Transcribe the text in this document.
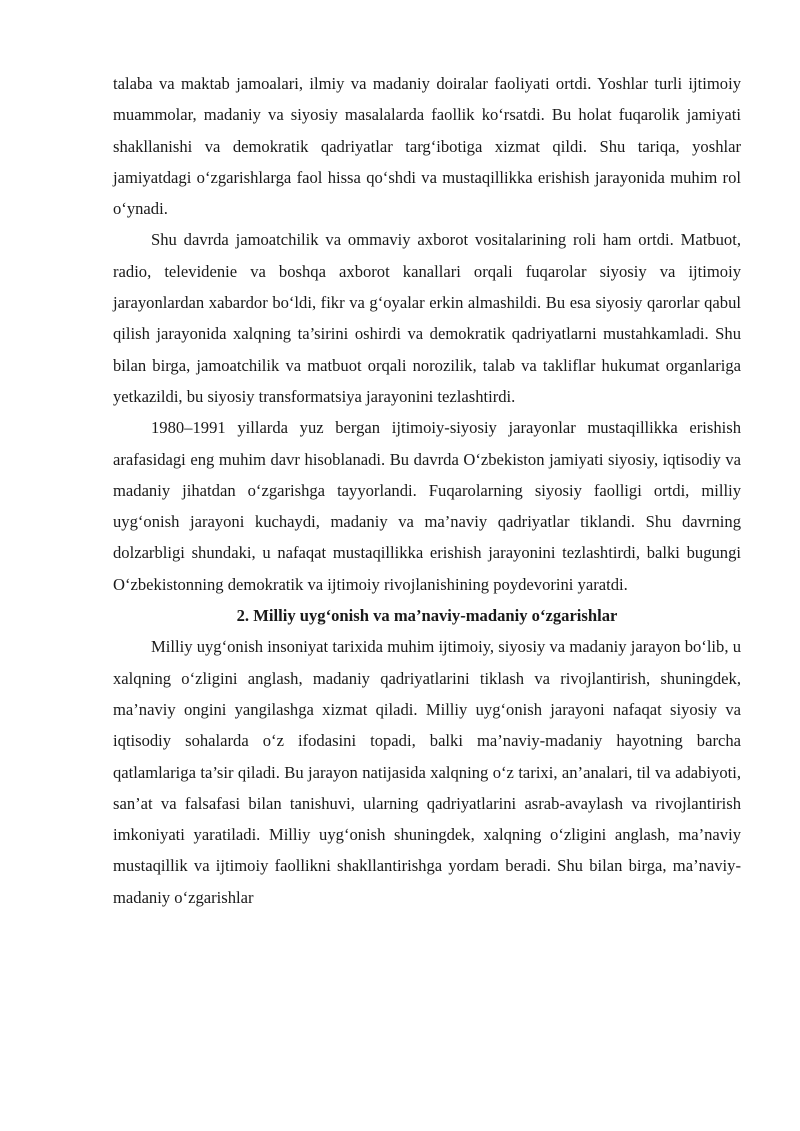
talaba va maktab jamoalari, ilmiy va madaniy doiralar faoliyati ortdi. Yoshlar turli ijtimoiy muammolar, madaniy va siyosiy masalalarda faollik ko‘rsatdi. Bu holat fuqarolik jamiyati shakllanishi va demokratik qadriyatlar targ‘ibotiga xizmat qildi. Shu tariqa, yoshlar jamiyatdagi o‘zgarishlarga faol hissa qo‘shdi va mustaqillikka erishish jarayonida muhim rol o‘ynadi.

Shu davrda jamoatchilik va ommaviy axborot vositalarining roli ham ortdi. Matbuot, radio, televidenie va boshqa axborot kanallari orqali fuqarolar siyosiy va ijtimoiy jarayonlardan xabardor bo‘ldi, fikr va g‘oyalar erkin almashildi. Bu esa siyosiy qarorlar qabul qilish jarayonida xalqning ta’sirini oshirdi va demokratik qadriyatlarni mustahkamladi. Shu bilan birga, jamoatchilik va matbuot orqali norozilik, talab va takliflar hukumat organlariga yetkazildi, bu siyosiy transformatsiya jarayonini tezlashtirdi.

1980–1991 yillarda yuz bergan ijtimoiy-siyosiy jarayonlar mustaqillikka erishish arafasidagi eng muhim davr hisoblanadi. Bu davrda O‘zbekiston jamiyati siyosiy, iqtisodiy va madaniy jihatdan o‘zgarishga tayyorlandi. Fuqarolarning siyosiy faolligi ortdi, milliy uyg‘onish jarayoni kuchaydi, madaniy va ma’naviy qadriyatlar tiklandi. Shu davrning dolzarbligi shundaki, u nafaqat mustaqillikka erishish jarayonini tezlashtirdi, balki bugungi O‘zbekistonning demokratik va ijtimoiy rivojlanishining poydevorini yaratdi.

2. Milliy uyg‘onish va ma’naviy-madaniy o‘zgarishlar

Milliy uyg‘onish insoniyat tarixida muhim ijtimoiy, siyosiy va madaniy jarayon bo‘lib, u xalqning o‘zligini anglash, madaniy qadriyatlarini tiklash va rivojlantirish, shuningdek, ma’naviy ongini yangilashga xizmat qiladi. Milliy uyg‘onish jarayoni nafaqat siyosiy va iqtisodiy sohalarda o‘z ifodasini topadi, balki ma’naviy-madaniy hayotning barcha qatlamlariga ta’sir qiladi. Bu jarayon natijasida xalqning o‘z tarixi, an’analari, til va adabiyoti, san’at va falsafasi bilan tanishuvi, ularning qadriyatlarini asrab-avaylash va rivojlantirish imkoniyati yaratiladi. Milliy uyg‘onish shuningdek, xalqning o‘zligini anglash, ma’naviy mustaqillik va ijtimoiy faollikni shakllantirishga yordam beradi. Shu bilan birga, ma’naviy-madaniy o‘zgarishlar
